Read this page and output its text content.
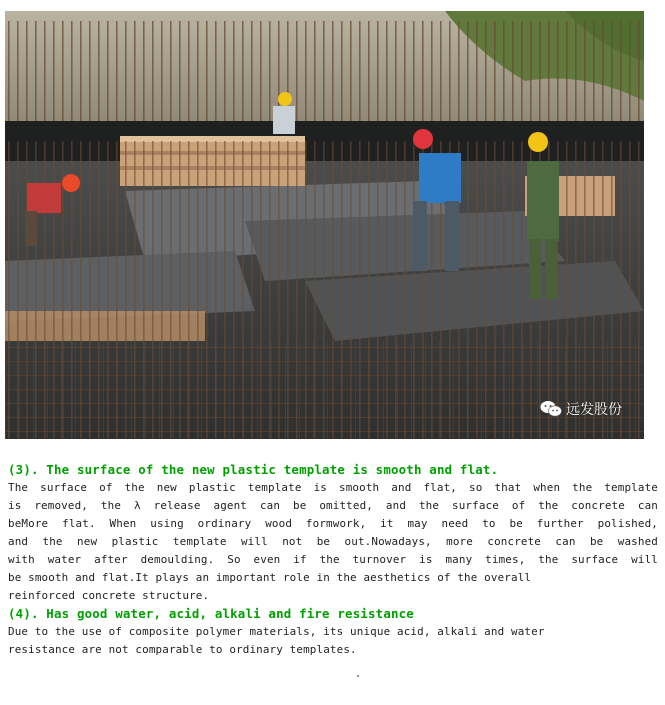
远发股份
(3). The surface of the new plastic template is smooth and flat.
The surface of the new plastic template is smooth and flat, so that when the template
is removed, the λ release agent can be omitted, and the surface of the concrete can
beMore flat. When using ordinary wood formwork, it may need to be further polished,
and the new plastic template will not be out.Nowadays, more concrete can be washed
with water after demoulding. So even if the turnover is many times, the surface will
be smooth and flat.It plays an important role in the aesthetics of the overall
reinforced concrete structure.
(4). Has good water, acid, alkali and fire resistance
Due to the use of composite polymer materials, its unique acid, alkali and water
resistance are not comparable to ordinary templates.
